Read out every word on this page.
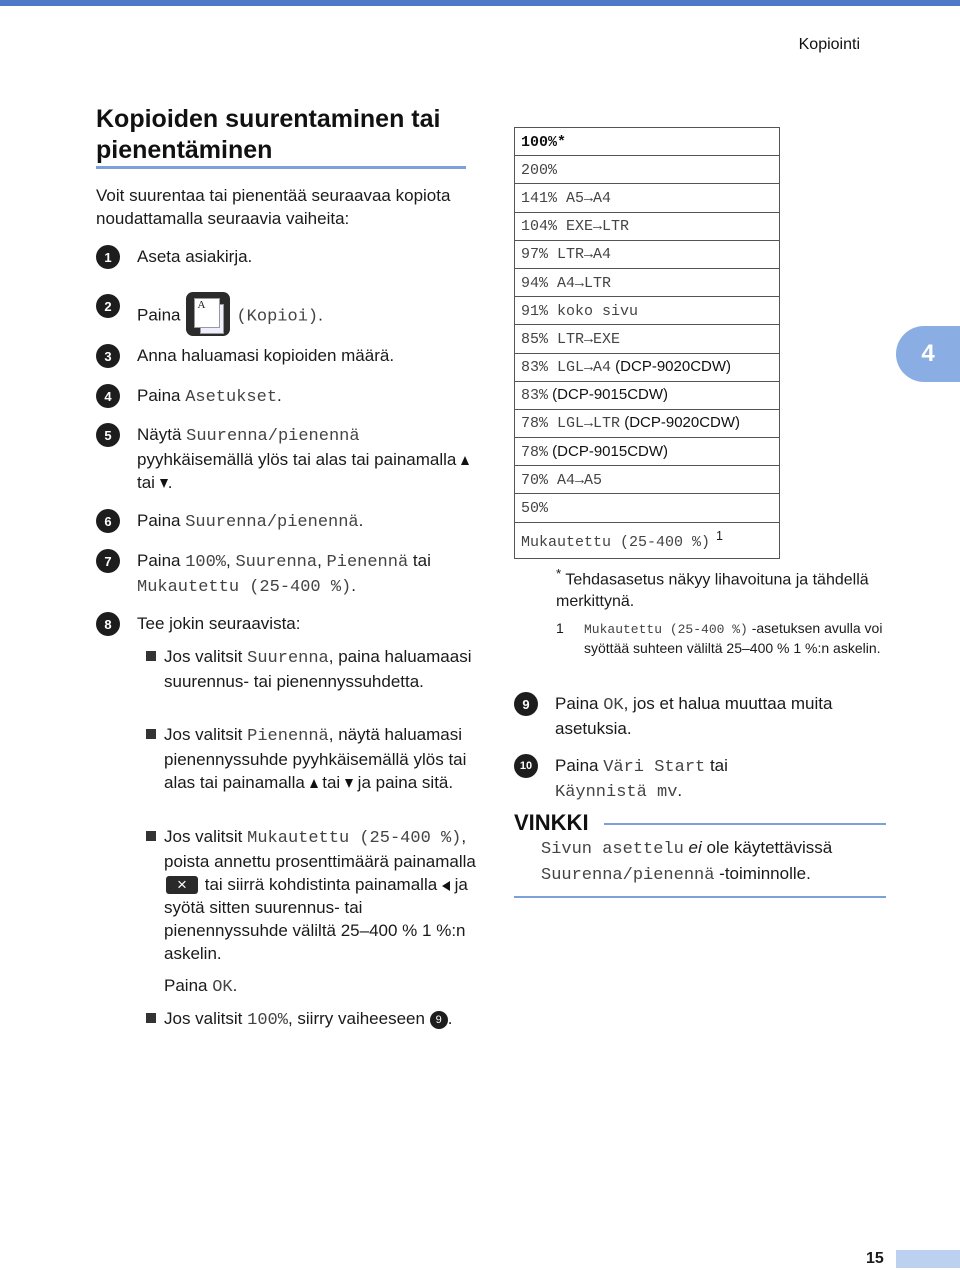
Kopiointi
4
Kopioiden suurentaminen tai pienentäminen
Voit suurentaa tai pienentää seuraavaa kopiota noudattamalla seuraavia vaiheita:
1	Aseta asiakirja.
2	Paina
A
(Kopioi).
3	Anna haluamasi kopioiden määrä.
4	Paina Asetukset.
5	Näytä Suurenna/pienennä pyyhkäisemällä ylös tai alas tai painamalla  tai .
6	Paina Suurenna/pienennä.
7	Paina 100%, Suurenna, Pienennä tai Mukautettu (25-400 %).
8	Tee jokin seuraavista:
Jos valitsit Suurenna, paina haluamaasi suurennus- tai pienennyssuhdetta.
Jos valitsit Pienennä, näytä haluamasi pienennyssuhde pyyhkäisemällä ylös tai alas tai painamalla  tai  ja paina sitä.
Jos valitsit Mukautettu (25-400 %), poista annettu prosenttimäärä painamalla × tai siirrä kohdistinta painamalla  ja syötä sitten suurennus- tai pienennyssuhde väliltä 25–400 % 1 %:n askelin.
Paina OK.
Jos valitsit 100%, siirry vaiheeseen 9 .
100%*
200%
141% A5→A4
104% EXE→LTR
97% LTR→A4
94% A4→LTR
91% koko sivu
85% LTR→EXE
83% LGL→A4 (DCP-9020CDW)
83% (DCP-9015CDW)
78% LGL→LTR (DCP-9020CDW)
78% (DCP-9015CDW)
70% A4→A5
50%
Mukautettu (25-400 %) $^1$
* Tehdasasetus näkyy lihavoituna ja tähdellä merkittynä.
1	Mukautettu (25-400 %) -asetuksen avulla voi syöttää suhteen väliltä 25–400 % 1 %:n askelin.
9	Paina OK, jos et halua muuttaa muita asetuksia.
10	Paina Väri Start tai
Käynnistä mv.
VINKKI
Sivun asettelu ei ole käytettävissä
Suurenna/pienennä -toiminnolle.
15
